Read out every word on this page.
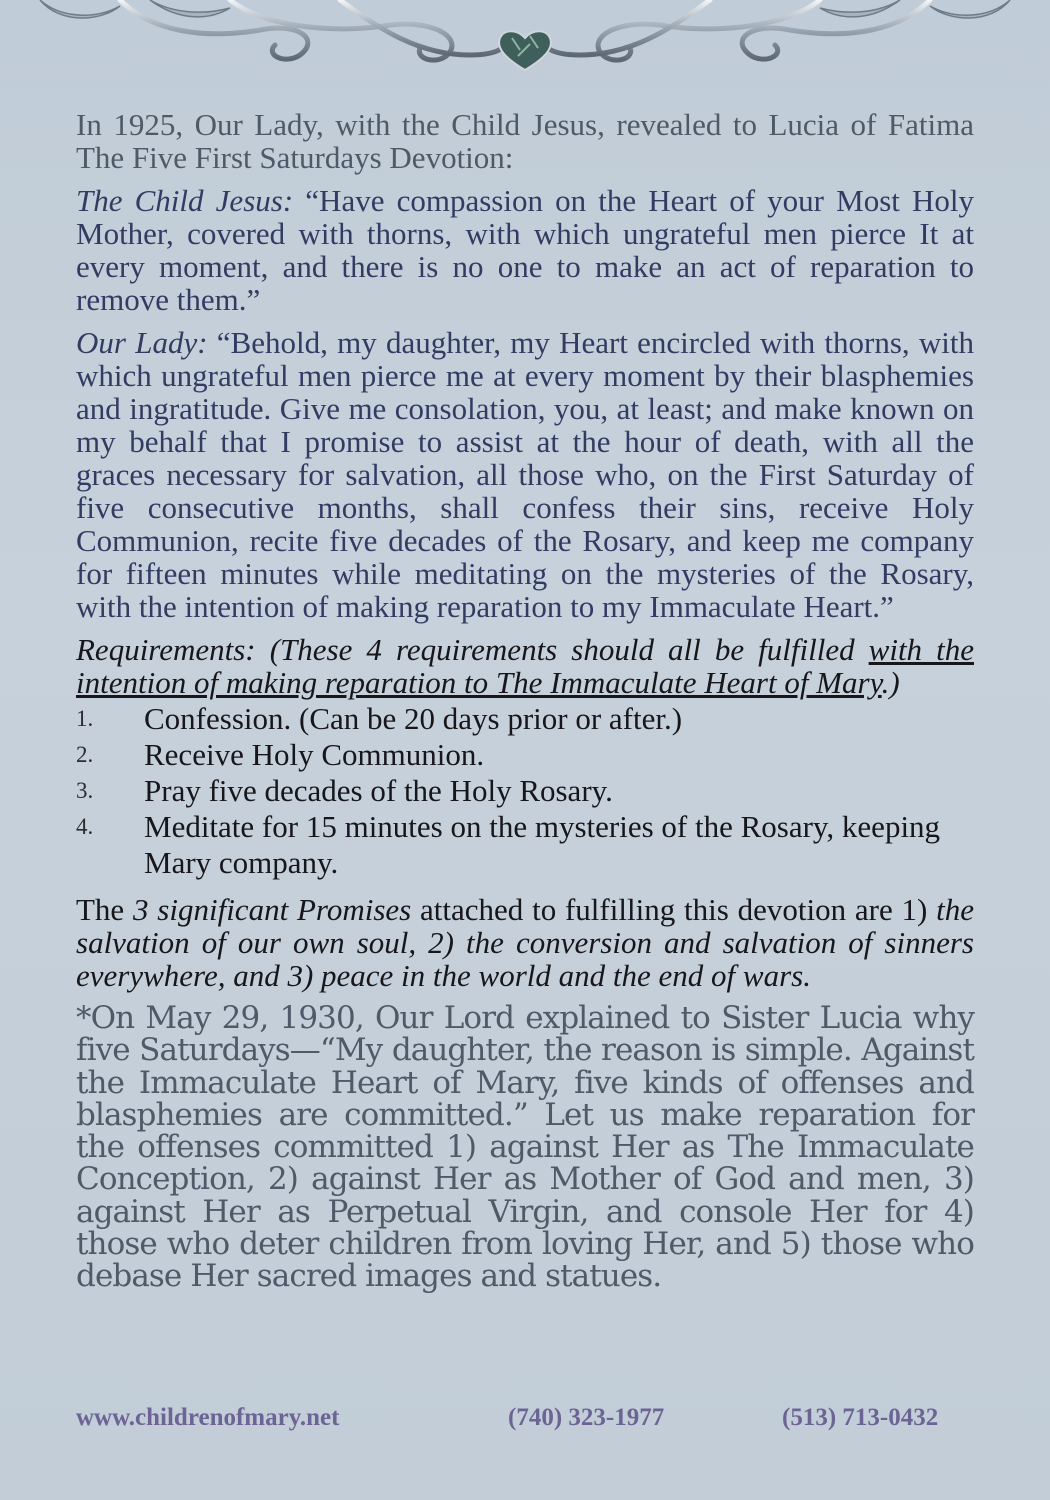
In 1925, Our Lady, with the Child Jesus, revealed to Lucia of Fatima The Five First Saturdays Devotion:

The Child Jesus: “Have compassion on the Heart of your Most Holy Mother, covered with thorns, with which ungrateful men pierce It at every moment, and there is no one to make an act of reparation to remove them.”

Our Lady: “Behold, my daughter, my Heart encircled with thorns, with which ungrateful men pierce me at every moment by their blasphemies and ingratitude. Give me consolation, you, at least; and make known on my behalf that I promise to assist at the hour of death, with all the graces necessary for salvation, all those who, on the First Saturday of five consecutive months, shall confess their sins, receive Holy Communion, recite five decades of the Rosary, and keep me company for fifteen minutes while meditating on the mysteries of the Rosary, with the intention of making reparation to my Immaculate Heart.”

Requirements: (These 4 requirements should all be fulfilled with the intention of making reparation to The Immaculate Heart of Mary.)

1.	Confession. (Can be 20 days prior or after.)
2.	Receive Holy Communion.
3.	Pray five decades of the Holy Rosary.
4.	Meditate for 15 minutes on the mysteries of the Rosary, keeping Mary company.

The 3 significant Promises attached to fulfilling this devotion are 1) the salvation of our own soul, 2) the conversion and salvation of sinners everywhere, and 3) peace in the world and the end of wars.

*On May 29, 1930, Our Lord explained to Sister Lucia why five Saturdays—“My daughter, the reason is simple. Against the Immaculate Heart of Mary, five kinds of offenses and blasphemies are committed.” Let us make reparation for the offenses committed 1) against Her as The Immaculate Conception, 2) against Her as Mother of God and men, 3) against Her as Perpetual Virgin, and console Her for 4) those who deter children from loving Her, and 5) those who debase Her sacred images and statues.

www.childrenofmary.net	(740) 323-1977	(513) 713-0432
